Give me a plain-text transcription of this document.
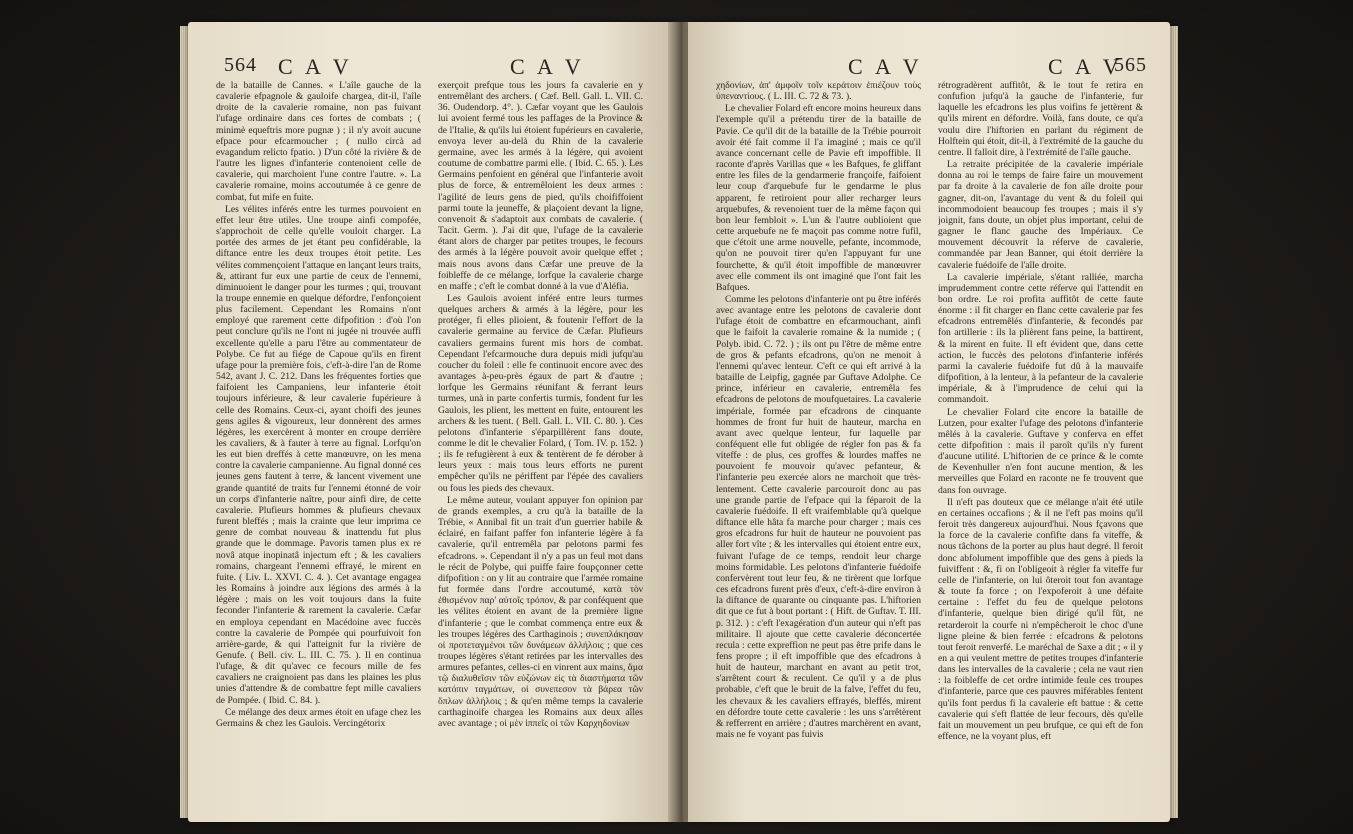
564 C A V	C A V

de la bataille de Cannes. « L'aîle gauche de la cavalerie efpagnole & gauloife chargea, dit-il, l'aîle droite de la cavalerie romaine, non pas fuivant l'ufage ordinaire dans ces fortes de combats ; ( minimè equeftris more pugnæ ) ; il n'y avoit aucune efpace pour efcarmoucher ; ( nullo circà ad evagandum relicto fpatio. ) D'un côté la rivière & de l'autre les lignes d'infanterie contenoient celle de cavalerie, qui marchoient l'une contre l'autre. ». La cavalerie romaine, moins accoutumée à ce genre de combat, fut mife en fuite.

Les vélites inférés entre les turmes pouvoient en effet leur être utiles. Une troupe ainfi compofée, s'approchoit de celle qu'elle vouloit charger. La portée des armes de jet étant peu confidérable, la diftance entre les deux troupes étoit petite. Les vélites commençoient l'attaque en lançant leurs traits, &, attirant fur eux une partie de ceux de l'ennemi, diminuoient le danger pour les turmes ; qui, trouvant la troupe ennemie en quelque défordre, l'enfonçoient plus facilement. Cependant les Romains n'ont employé que rarement cette difpofition : d'où l'on peut conclure qu'ils ne l'ont ni jugée ni trouvée auffi excellente qu'elle a paru l'être au commentateur de Polybe. Ce fut au fiége de Capoue qu'ils en firent ufage pour la première fois, c'eft-à-dire l'an de Rome 542, avant J. C. 212. Dans les fréquentes forties que faifoient les Campaniens, leur infanterie étoit toujours inférieure, & leur cavalerie fupérieure à celle des Romains. Ceux-ci, ayant choifi des jeunes gens agiles & vigoureux, leur donnèrent des armes légères, les exercèrent à monter en croupe derrière les cavaliers, & à fauter à terre au fignal. Lorfqu'on les eut bien dreffés à cette manœuvre, on les mena contre la cavalerie campanienne. Au fignal donné ces jeunes gens fautent à terre, & lancent vivement une grande quantité de traits fur l'ennemi étonné de voir un corps d'infanterie naître, pour ainfi dire, de cette cavalerie. Plufieurs hommes & plufieurs chevaux furent bleffés ; mais la crainte que leur imprima ce genre de combat nouveau & inattendu fut plus grande que le dommage. Pavoris tamen plus ex re novâ atque inopinatâ injectum eft ; & les cavaliers romains, chargeant l'ennemi effrayé, le mirent en fuite. ( Liv. L. XXVI. C. 4. ). Cet avantage engagea les Romains à joindre aux légions des armés à la légère ; mais on les voit toujours dans la fuite feconder l'infanterie & rarement la cavalerie. Cæfar en employa cependant en Macédoine avec fuccès contre la cavalerie de Pompée qui pourfuivoit fon arrière-garde, & qui l'atteignit fur la rivière de Genufe. ( Bell. civ. L. III. C. 75. ). Il en continua l'ufage, & dit qu'avec ce fecours mille de fes cavaliers ne craignoient pas dans les plaines les plus unies d'attendre & de combattre fept mille cavaliers de Pompée. ( Ibid. C. 84. ).

Ce mélange des deux armes étoit en ufage chez les Germains & chez les Gaulois. Vercingétorix

exerçoit prefque tous les jours fa cavalerie en y entremêlant des archers. ( Cæf. Bell. Gall. L. VII. C. 36. Oudendorp. 4°. ). Cæfar voyant que les Gaulois lui avoient fermé tous les paffages de la Province & de l'Italie, & qu'ils lui étoient fupérieurs en cavalerie, envoya lever au-delà du Rhin de la cavalerie germaine, avec les armés à la légère, qui avoient coutume de combattre parmi elle. ( Ibid. C. 65. ). Les Germains penfoient en général que l'infanterie avoit plus de force, & entremêloient les deux armes : l'agilité de leurs gens de pied, qu'ils choififfoient parmi toute la jeuneffe, & plaçoient devant la ligne, convenoit & s'adaptoit aux combats de cavalerie. ( Tacit. Germ. ). J'ai dit que, l'ufage de la cavalerie étant alors de charger par petites troupes, le fecours des armés à la légère pouvoit avoir quelque effet ; mais nous avons dans Cæfar une preuve de la foibleffe de ce mélange, lorfque la cavalerie charge en maffe ; c'eft le combat donné à la vue d'Aléfia.

Les Gaulois avoient inféré entre leurs turmes quelques archers & armés à la légère, pour les protéger, fi elles plioient, & foutenir l'effort de la cavalerie germaine au fervice de Cæfar. Plufieurs cavaliers germains furent mis hors de combat. Cependant l'efcarmouche dura depuis midi jufqu'au coucher du foleil : elle fe continuoit encore avec des avantages à-peu-près égaux de part & d'autre ; lorfque les Germains réunifant & ferrant leurs turmes, unà in parte confertis turmis, fondent fur les Gaulois, les plient, les mettent en fuite, entourent les archers & les tuent. ( Bell. Gall. L. VII. C. 80. ). Ces pelotons d'infanterie s'éparpillèrent fans doute, comme le dit le chevalier Folard, ( Tom. IV. p. 152. ) ; ils fe refugièrent à eux & tentèrent de fe dérober à leurs yeux : mais tous leurs efforts ne purent empêcher qu'ils ne périffent par l'épée des cavaliers ou fous les pieds des chevaux.

Le même auteur, voulant appuyer fon opinion par de grands exemples, a cru qu'à la bataille de la Trébie, « Annibal fit un trait d'un guerrier habile & éclairé, en faifant paffer fon infanterie légère à fa cavalerie, qu'il entremêla par pelotons parmi fes efcadrons. ». Cependant il n'y a pas un feul mot dans le récit de Polybe, qui puiffe faire foupçonner cette difpofition : on y lit au contraire que l'armée romaine fut formée dans l'ordre accoutumé, κατὰ τὸν ἐθισμένον παρ' αὐτοῖς τρόπον, & par conféquent que les vélites étoient en avant de la première ligne d'infanterie ; que le combat commença entre eux & les troupes légères des Carthaginois ; συνεπλάκησαν οἱ προτεταγμένοι τῶν δυνάμεων ἀλλήλοις ; que ces troupes légères s'étant retirées par les intervalles des armures pefantes, celles-ci en vinrent aux mains, ἅμα τῷ διαλυθεῖσιν τῶν εὐζώνων εἰς τὰ διαστήματα τῶν κατόπιν ταγμάτων, οἱ συνεπεσον τὰ βάρεα τῶν ὅπλων ἀλλήλοις ; & qu'en même temps la cavalerie carthaginoife chargea les Romains aux deux aîles avec avantage ; οἱ μὲν ἱππεῖς οἱ τῶν Καρχηδονίων

C A V	C A V
565

χηδονίων, ἀπ' ἀμφοῖν τοῖν κεράτοιν ἐπιέζουν τοὺς ὑπεναντίους. ( L. III. C. 72 & 73. ).

Le chevalier Folard eft encore moins heureux dans l'exemple qu'il a prétendu tirer de la bataille de Pavie. Ce qu'il dit de la bataille de la Trébie pourroit avoir été fait comme il l'a imaginé ; mais ce qu'il avance concernant celle de Pavie eft impoffible. Il raconte d'après Varillas que « les Bafques, fe gliffant entre les files de la gendarmerie françoife, faifoient leur coup d'arquebufe fur le gendarme le plus apparent, fe retiroient pour aller recharger leurs arquebufes, & revenoient tuer de la même façon qui bon leur fembloit ». L'un & l'autre oublioient que cette arquebufe ne fe maçoit pas comme notre fufil, que c'étoit une arme nouvelle, pefante, incommode, qu'on ne pouvoit tirer qu'en l'appuyant fur une fourchette, & qu'il étoit impoffible de manœuvrer avec elle comment ils ont imaginé que l'ont fait les Bafques.

Comme les pelotons d'infanterie ont pu être inférés avec avantage entre les pelotons de cavalerie dont l'ufage étoit de combattre en efcarmouchant, ainfi que le faifoit la cavalerie romaine & la numide ; ( Polyb. ibid. C. 72. ) ; ils ont pu l'être de même entre de gros & pefants efcadrons, qu'on ne menoit à l'ennemi qu'avec lenteur. C'eft ce qui eft arrivé à la bataille de Leipfig, gagnée par Guftave Adolphe. Ce prince, inférieur en cavalerie, entremêla fes efcadrons de pelotons de moufquetaires. La cavalerie impériale, formée par efcadrons de cinquante hommes de front fur huit de hauteur, marcha en avant avec quelque lenteur, fur laquelle par conféquent elle fut obligée de régler fon pas & fa viteffe : de plus, ces groffes & lourdes maffes ne pouvoient fe mouvoir qu'avec pefanteur, & l'infanterie peu exercée alors ne marchoit que très-lentement. Cette cavalerie parcouroit donc au pas une grande partie de l'efpace qui la féparoit de la cavalerie fuédoife. Il eft vraifemblable qu'à quelque diftance elle hâta fa marche pour charger ; mais ces gros efcadrons fur huit de hauteur ne pouvoient pas aller fort vîte ; & les intervalles qui étoient entre eux, fuivant l'ufage de ce temps, rendoit leur charge moins formidable. Les pelotons d'infanterie fuédoife confervèrent tout leur feu, & ne tirèrent que lorfque ces efcadrons furent près d'eux, c'eft-à-dire environ à la diftance de quarante ou cinquante pas. L'hiftorien dit que ce fut à bout portant : ( Hift. de Guftav. T. III. p. 312. ) : c'eft l'exagération d'un auteur qui n'eft pas militaire. Il ajoute que cette cavalerie déconcertée recula : cette expreffion ne peut pas être prife dans le fens propre ; il eft impoffible que des efcadrons à huit de hauteur, marchant en avant au petit trot, s'arrêtent court & reculent. Ce qu'il y a de plus probable, c'eft que le bruit de la falve, l'effet du feu, les chevaux & les cavaliers effrayés, bleffés, mirent en défordre toute cette cavalerie : les uns s'arrêtèrent & refferrent en arrière ; d'autres marchèrent en avant, mais ne fe voyant pas fuivis

rétrogradèrent auffitôt, & le tout fe retira en confufion jufqu'à la gauche de l'infanterie, fur laquelle les efcadrons les plus voifins fe jettèrent & qu'ils mirent en défordre. Voilà, fans doute, ce qu'a voulu dire l'hiftorien en parlant du régiment de Holftein qui étoit, dit-il, à l'extrémité de la gauche du centre. Il falloit dire, à l'extrémité de l'aîle gauche.

La retraite précipitée de la cavalerie impériale donna au roi le temps de faire faire un mouvement par fa droite à la cavalerie de fon aîle droite pour gagner, dit-on, l'avantage du vent & du foleil qui incommodoient beaucoup fes troupes ; mais il s'y joignit, fans doute, un objet plus important, celui de gagner le flanc gauche des Impériaux. Ce mouvement découvrit la réferve de cavalerie, commandée par Jean Banner, qui étoit derrière la cavalerie fuédoife de l'aîle droite.

La cavalerie impériale, s'étant ralliée, marcha imprudemment contre cette réferve qui l'attendit en bon ordre. Le roi profita auffitôt de cette faute énorme : il fit charger en flanc cette cavalerie par fes efcadrons entremêlés d'infanterie, & fecondés par fon artillerie : ils la plièrent fans peine, la battirent, & la mirent en fuite. Il eft évident que, dans cette action, le fuccès des pelotons d'infanterie inférés parmi la cavalerie fuédoife fut dû à la mauvaife difpofition, à la lenteur, à la pefanteur de la cavalerie impériale, & à l'imprudence de celui qui la commandoit.

Le chevalier Folard cite encore la bataille de Lutzen, pour exalter l'ufage des pelotons d'infanterie mêlés à la cavalerie. Guftave y conferva en effet cette difpofition : mais il paroît qu'ils n'y furent d'aucune utilité. L'hiftorien de ce prince & le comte de Kevenhuller n'en font aucune mention, & les merveilles que Folard en raconte ne fe trouvent que dans fon ouvrage.

Il n'eft pas douteux que ce mélange n'ait été utile en certaines occafions ; & il ne l'eft pas moins qu'il feroit très dangereux aujourd'hui. Nous fçavons que la force de la cavalerie confifte dans fa viteffe, & nous tâchons de la porter au plus haut degré. Il feroit donc abfolument impoffible que des gens à pieds la fuiviffent : &, fi on l'obligeoit à régler fa viteffe fur celle de l'infanterie, on lui ôteroit tout fon avantage & toute fa force ; on l'expoferoit à une défaite certaine : l'effet du feu de quelque pelotons d'infanterie, quelque bien dirigé qu'il fût, ne retarderoit la courfe ni n'empêcheroit le choc d'une ligne pleine & bien ferrée : efcadrons & pelotons tout feroit renverfé. Le maréchal de Saxe a dit ; « il y en a qui veulent mettre de petites troupes d'infanterie dans les intervalles de la cavalerie ; cela ne vaut rien : la foibleffe de cet ordre intimide feule ces troupes d'infanterie, parce que ces pauvres miférables fentent qu'ils font perdus fi la cavalerie eft battue : & cette cavalerie qui s'eft flattée de leur fecours, dès qu'elle fait un mouvement un peu brufque, ce qui eft de fon effence, ne la voyant plus, eft
